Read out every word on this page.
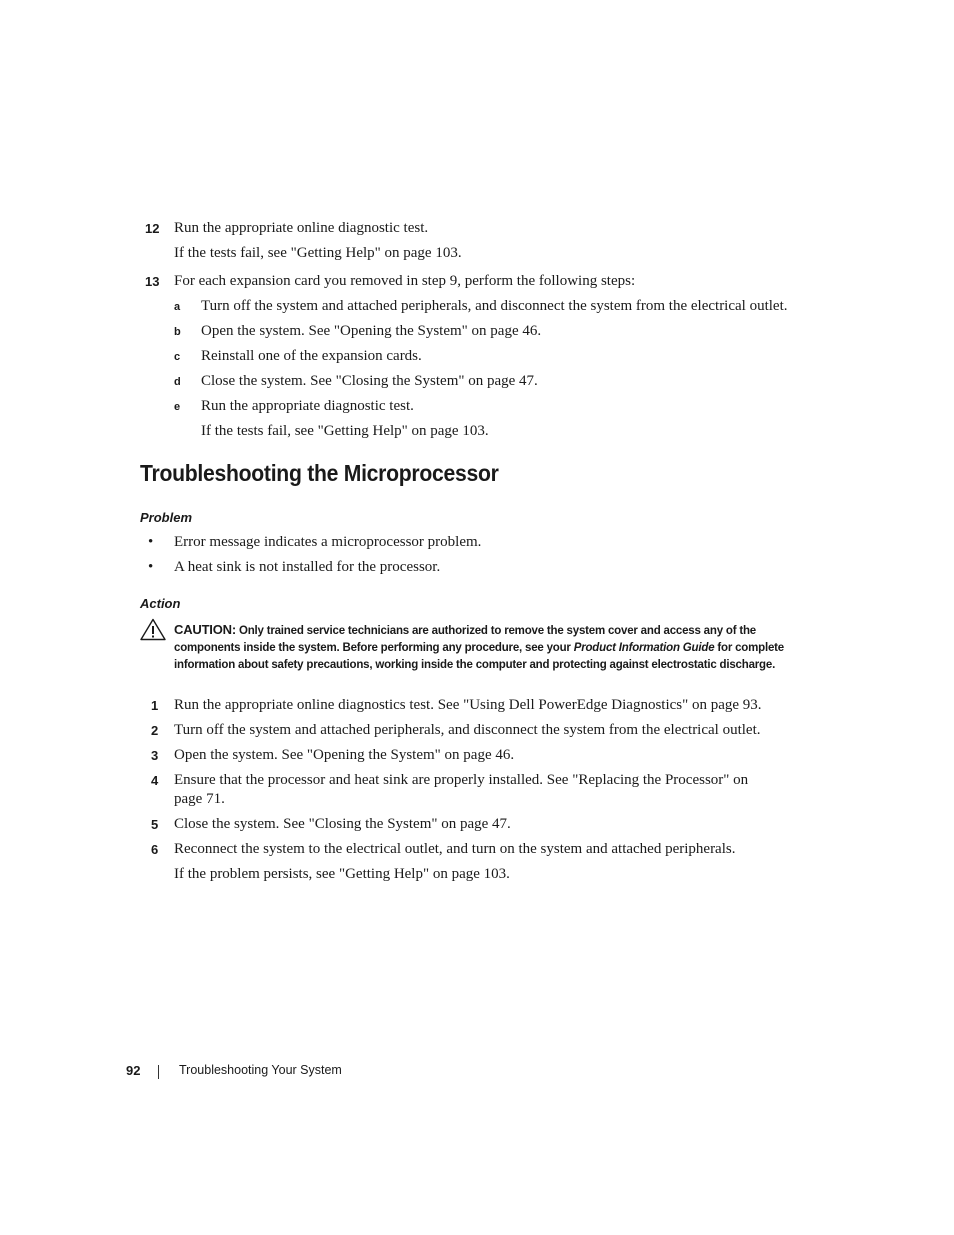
12 Run the appropriate online diagnostic test.
If the tests fail, see "Getting Help" on page 103.
13 For each expansion card you removed in step 9, perform the following steps:
a Turn off the system and attached peripherals, and disconnect the system from the electrical outlet.
b Open the system. See "Opening the System" on page 46.
c Reinstall one of the expansion cards.
d Close the system. See "Closing the System" on page 47.
e Run the appropriate diagnostic test.
If the tests fail, see "Getting Help" on page 103.
Troubleshooting the Microprocessor
Problem
• Error message indicates a microprocessor problem.
• A heat sink is not installed for the processor.
Action
CAUTION: Only trained service technicians are authorized to remove the system cover and access any of the components inside the system. Before performing any procedure, see your Product Information Guide for complete information about safety precautions, working inside the computer and protecting against electrostatic discharge.
1 Run the appropriate online diagnostics test. See "Using Dell PowerEdge Diagnostics" on page 93.
2 Turn off the system and attached peripherals, and disconnect the system from the electrical outlet.
3 Open the system. See "Opening the System" on page 46.
4 Ensure that the processor and heat sink are properly installed. See "Replacing the Processor" on
page 71.
5 Close the system. See "Closing the System" on page 47.
6 Reconnect the system to the electrical outlet, and turn on the system and attached peripherals.
If the problem persists, see "Getting Help" on page 103.
92	Troubleshooting Your System
